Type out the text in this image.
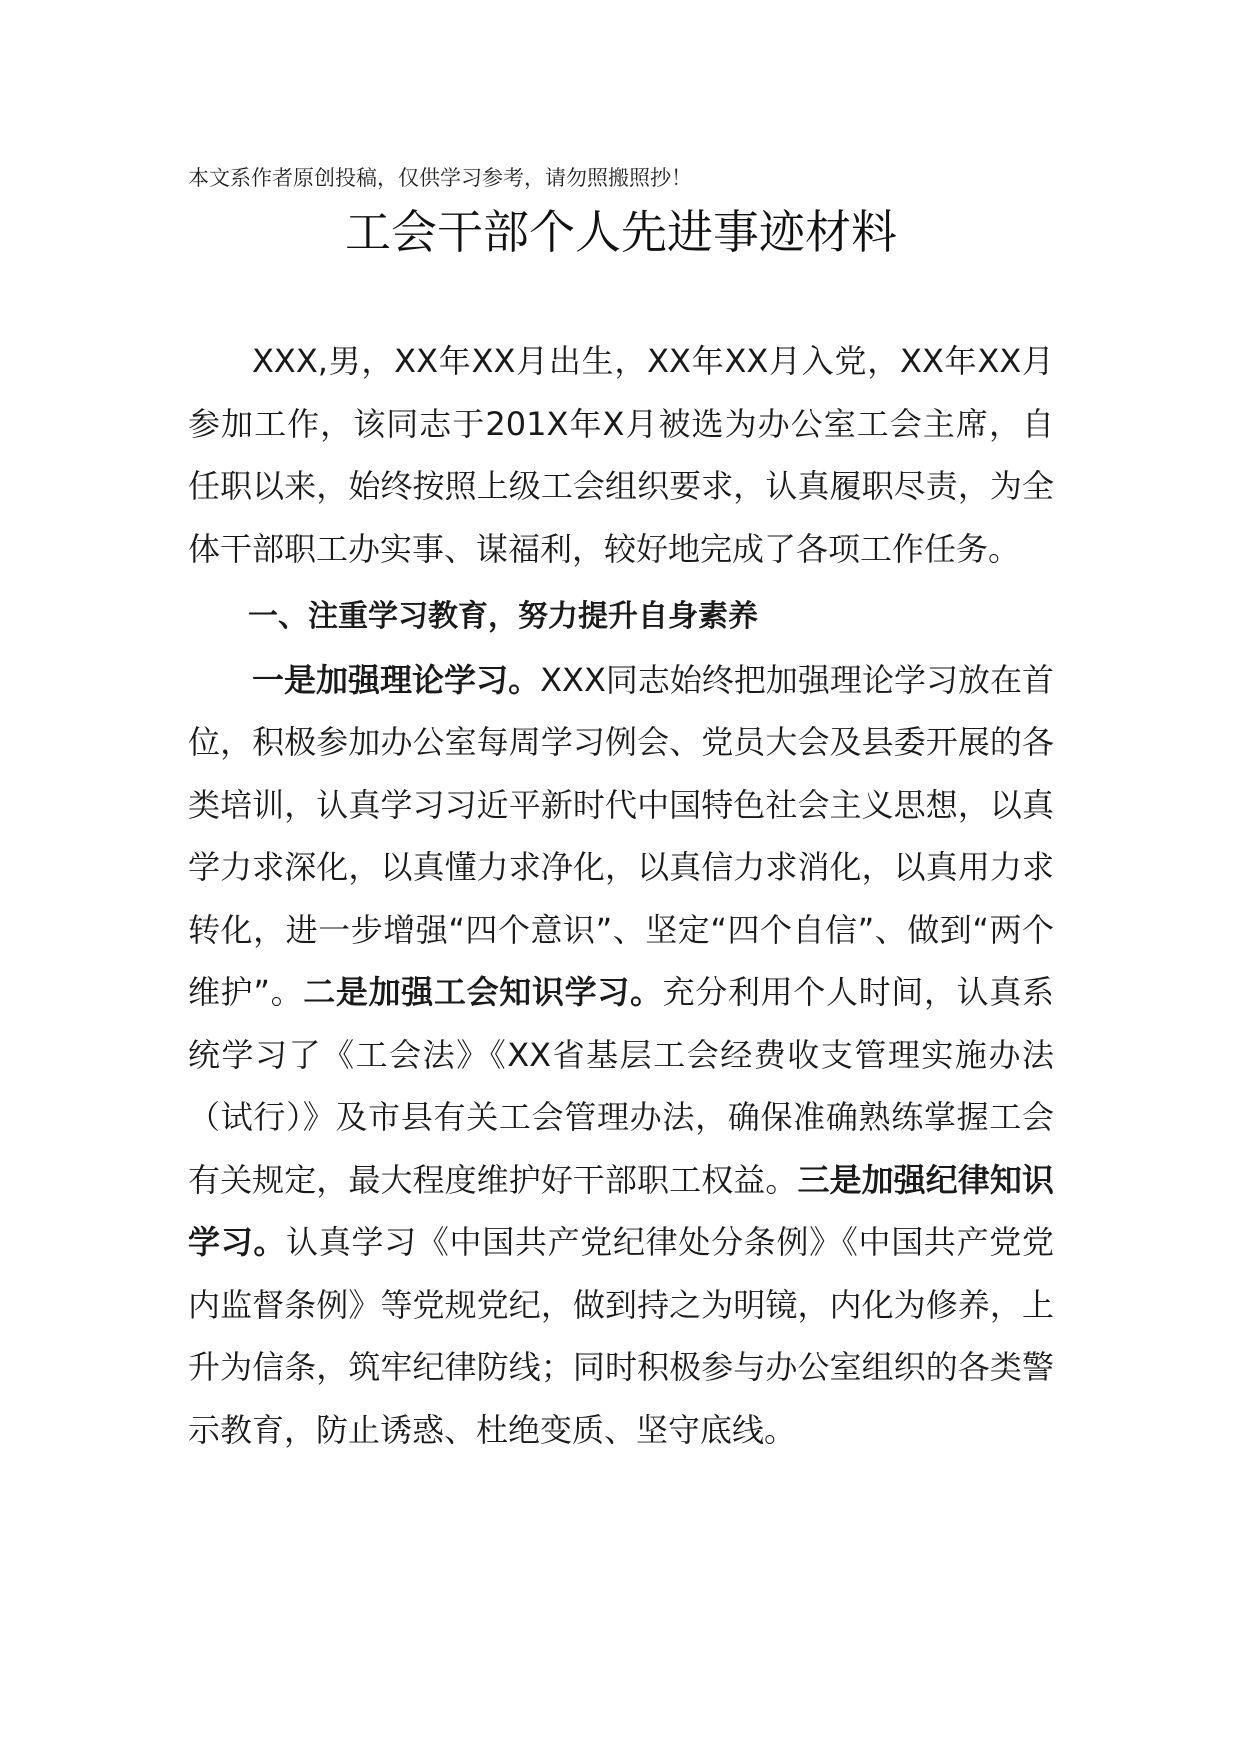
本文系作者原创投稿，仅供学习参考，请勿照搬照抄！
工会干部个人先进事迹材料

XXX,男，XX年XX月出生，XX年XX月入党，XX年XX月参加工作，该同志于201X年X月被选为办公室工会主席，自任职以来，始终按照上级工会组织要求，认真履职尽责，为全体干部职工办实事、谋福利，较好地完成了各项工作任务。

一、注重学习教育，努力提升自身素养

一是加强理论学习。XXX同志始终把加强理论学习放在首位，积极参加办公室每周学习例会、党员大会及县委开展的各类培训，认真学习习近平新时代中国特色社会主义思想，以真学力求深化，以真懂力求净化，以真信力求消化，以真用力求转化，进一步增强“四个意识”、坚定“四个自信”、做到“两个维护”。二是加强工会知识学习。充分利用个人时间，认真系统学习了《工会法》《XX省基层工会经费收支管理实施办法（试行）》及市县有关工会管理办法，确保准确熟练掌握工会有关规定，最大程度维护好干部职工权益。三是加强纪律知识学习。认真学习《中国共产党纪律处分条例》《中国共产党党内监督条例》等党规党纪，做到持之为明镜，内化为修养，上升为信条，筑牢纪律防线；同时积极参与办公室组织的各类警示教育，防止诱惑、杜绝变质、坚守底线。
